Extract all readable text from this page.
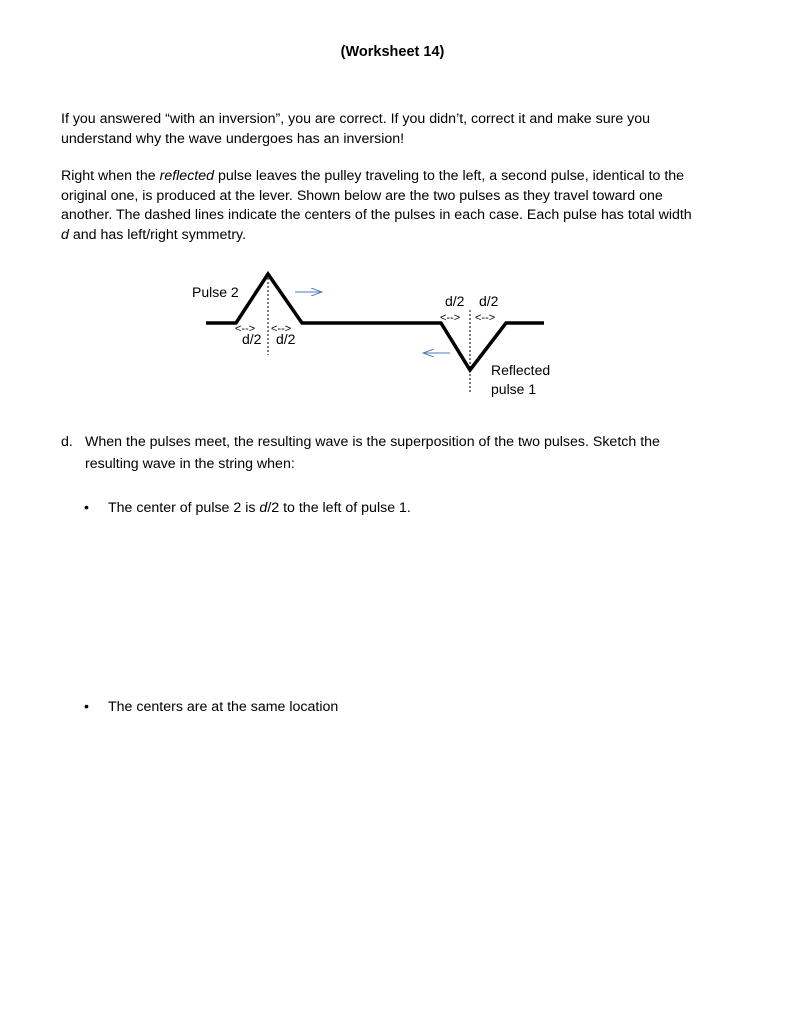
(Worksheet 14)
If you answered “with an inversion”, you are correct. If you didn’t, correct it and make sure you understand why the wave undergoes has an inversion!
Right when the reflected pulse leaves the pulley traveling to the left, a second pulse, identical to the original one, is produced at the lever. Shown below are the two pulses as they travel toward one another. The dashed lines indicate the centers of the pulses in each case. Each pulse has total width d and has left/right symmetry.
Pulse 2
<--> <-->
d/2 d/2
d/2 d/2
<--> <-->
Reflected
pulse 1
d. When the pulses meet, the resulting wave is the superposition of the two pulses. Sketch the resulting wave in the string when:
• The center of pulse 2 is d/2 to the left of pulse 1.
• The centers are at the same location
